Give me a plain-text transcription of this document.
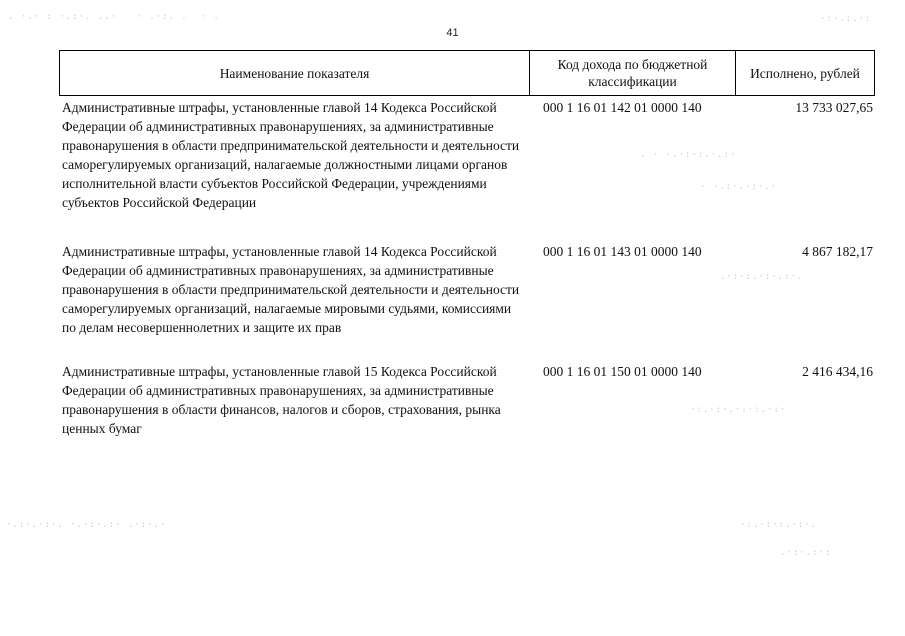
. ·.· : ·.:·. ..·   · .·:. .  · .	·:·.:.·:
. · ·.·:·:.·.:·
· ·.:·.·:·.·
.·:·:.·:·.:·.
·:.·:·.·:·:.·:·
·.:·.·:·. ·.·:·.:· .·:·.·	·:.·:·:.·:·.
.·:·.:·:
41
Наименование показателя
Код дохода по бюджетной классификации
Исполнено, рублей
Административные штрафы, установленные главой 14 Кодекса Российской Федерации об административных правонарушениях, за административные правонарушения в области предпринимательской деятельности и деятельности саморегулируемых организаций, налагаемые должностными лицами органов исполнительной власти субъектов Российской Федерации, учреждениями субъектов Российской Федерации
000 1 16 01 142 01 0000 140	13 733 027,65
Административные штрафы, установленные главой 14 Кодекса Российской Федерации об административных правонарушениях, за административные правонарушения в области предпринимательской деятельности и деятельности саморегулируемых организаций, налагаемые мировыми судьями, комиссиями по делам несовершеннолетних и защите их прав
000 1 16 01 143 01 0000 140	4 867 182,17
Административные штрафы, установленные главой 15 Кодекса Российской Федерации об административных правонарушениях, за административные правонарушения в области финансов, налогов и сборов, страхования, рынка ценных бумаг
000 1 16 01 150 01 0000 140	2 416 434,16
